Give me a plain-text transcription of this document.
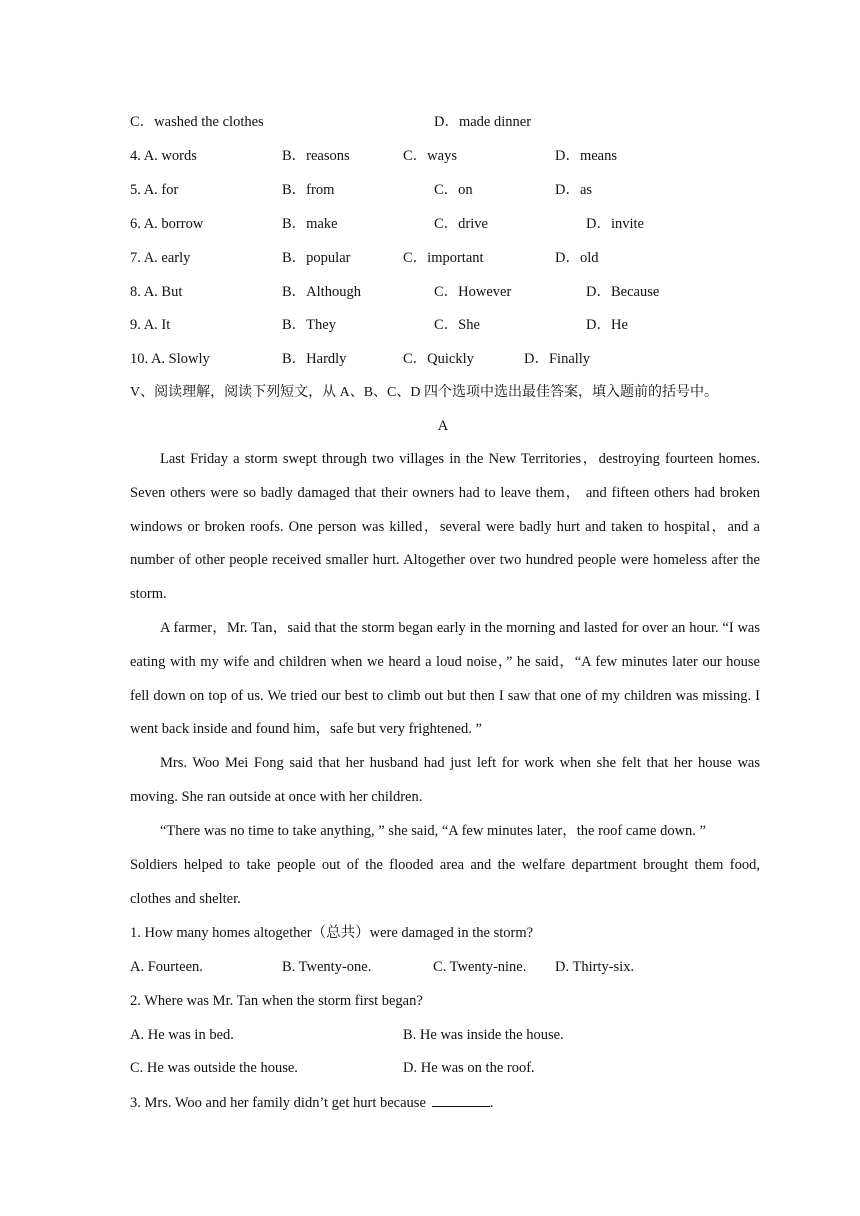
C．washed the clothes	D．made dinner
4. A. words	B．reasons	C．ways	D．means
5. A. for	B．from	C．on	D．as
6. A. borrow	B．make	C．drive	D．invite
7. A. early	B．popular	C．important	D．old
8. A. But	B．Although	C．However	D．Because
9. A. It	B．They	C．She	D．He
10. A. Slowly	B．Hardly	C．Quickly	D．Finally
V、阅读理解，阅读下列短文，从 A、B、C、D 四个选项中选出最佳答案，填入题前的括号中。
A
Last Friday a storm swept through two villages in the New Territories，destroying fourteen homes. Seven others were so badly damaged that their owners had to leave them， and fifteen others had broken windows or broken roofs. One person was killed，several were badly hurt and taken to hospital，and a number of other people received smaller hurt. Altogether over two hundred people were homeless after the storm.
A farmer，Mr. Tan，said that the storm began early in the morning and lasted for over an hour. “I was eating with my wife and children when we heard a loud noise，” he said，“A few minutes later our house fell down on top of us. We tried our best to climb out but then I saw that one of my children was missing. I went back inside and found him，safe but very frightened. ”
Mrs. Woo Mei Fong said that her husband had just left for work when she felt that her house was moving. She ran outside at once with her children.
“There was no time to take anything, ” she said, “A few minutes later，the roof came down. ”
Soldiers helped to take people out of the flooded area and the welfare department brought them food, clothes and shelter.
1. How many homes altogether（总共）were damaged in the storm?
A. Fourteen.	B. Twenty-one.	C. Twenty-nine. D. Thirty-six.
2. Where was Mr. Tan when the storm first began?
A. He was in bed.	B. He was inside the house.
C. He was outside the house.	D. He was on the roof.
3. Mrs. Woo and her family didn’t get hurt because	.
